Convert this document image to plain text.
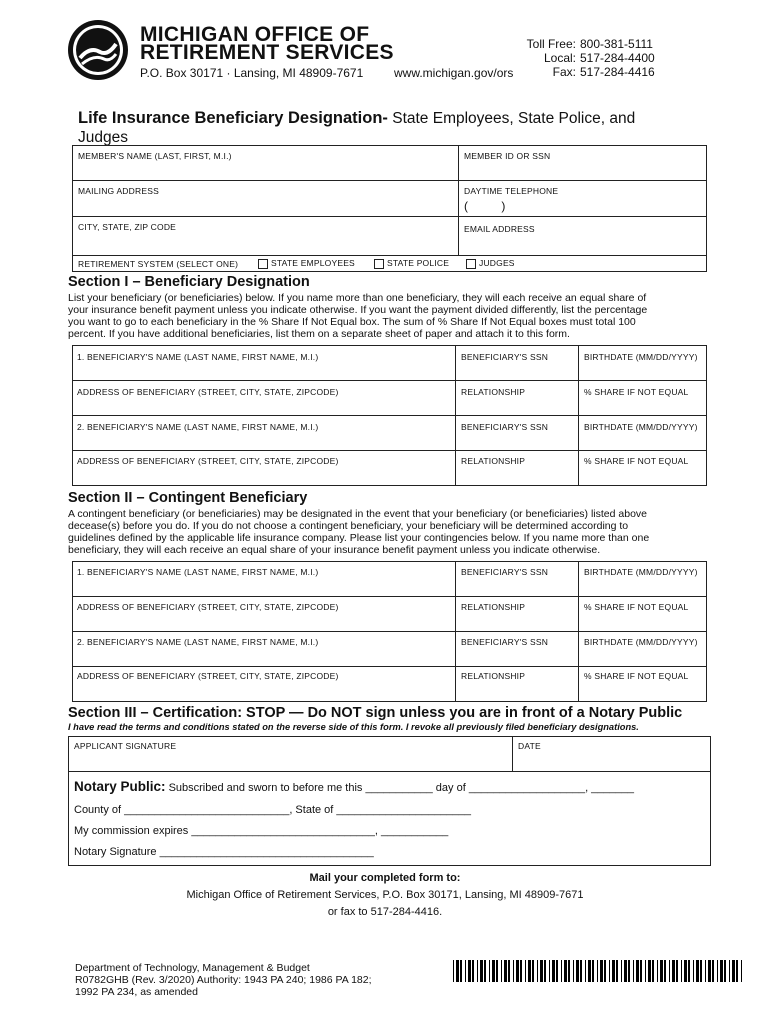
MICHIGAN OFFICE OF
RETIREMENT SERVICES
P.O. Box 30171 · Lansing, MI 48909-7671	www.michigan.gov/ors
Toll Free: 800-381-5111
Local: 517-284-4400
Fax: 517-284-4416
Life Insurance Beneficiary Designation- State Employees, State Police, and
Judges
MEMBER'S NAME (LAST, FIRST, M.I.)	MEMBER ID OR SSN
MAILING ADDRESS	DAYTIME TELEPHONE
(          )
CITY, STATE, ZIP CODE	EMAIL ADDRESS
RETIREMENT SYSTEM (SELECT ONE)	STATE EMPLOYEES	STATE POLICE	JUDGES
Section I – Beneficiary Designation
List your beneficiary (or beneficiaries) below. If you name more than one beneficiary, they will each receive an equal share of
your insurance benefit payment unless you indicate otherwise. If you want the payment divided differently, list the percentage
you want to go to each beneficiary in the % Share If Not Equal box. The sum of % Share If Not Equal boxes must total 100
percent. If you have additional beneficiaries, list them on a separate sheet of paper and attach it to this form.
1. BENEFICIARY'S NAME (LAST NAME, FIRST NAME, M.I.)	BENEFICIARY'S SSN	BIRTHDATE (MM/DD/YYYY)
ADDRESS OF BENEFICIARY (STREET, CITY, STATE, ZIPCODE)	RELATIONSHIP	% SHARE IF NOT EQUAL
2. BENEFICIARY'S NAME (LAST NAME, FIRST NAME, M.I.)	BENEFICIARY'S SSN	BIRTHDATE (MM/DD/YYYY)
ADDRESS OF BENEFICIARY (STREET, CITY, STATE, ZIPCODE)	RELATIONSHIP	% SHARE IF NOT EQUAL
Section II – Contingent Beneficiary
A contingent beneficiary (or beneficiaries) may be designated in the event that your beneficiary (or beneficiaries) listed above
decease(s) before you do. If you do not choose a contingent beneficiary, your beneficiary will be determined according to
guidelines defined by the applicable life insurance company. Please list your contingencies below. If you name more than one
beneficiary, they will each receive an equal share of your insurance benefit payment unless you indicate otherwise.
1. BENEFICIARY'S NAME (LAST NAME, FIRST NAME, M.I.)	BENEFICIARY'S SSN	BIRTHDATE (MM/DD/YYYY)
ADDRESS OF BENEFICIARY (STREET, CITY, STATE, ZIPCODE)	RELATIONSHIP	% SHARE IF NOT EQUAL
2. BENEFICIARY'S NAME (LAST NAME, FIRST NAME, M.I.)	BENEFICIARY'S SSN	BIRTHDATE (MM/DD/YYYY)
ADDRESS OF BENEFICIARY (STREET, CITY, STATE, ZIPCODE)	RELATIONSHIP	% SHARE IF NOT EQUAL
Section III – Certification: STOP — Do NOT sign unless you are in front of a Notary Public
I have read the terms and conditions stated on the reverse side of this form. I revoke all previously filed beneficiary designations.
APPLICANT SIGNATURE	DATE
Notary Public: Subscribed and sworn to before me this ___________ day of ___________________, _______
County of ___________________________, State of ______________________
My commission expires ______________________________, ___________
Notary Signature ___________________________________
Mail your completed form to:
Michigan Office of Retirement Services, P.O. Box 30171, Lansing, MI 48909-7671
or fax to 517-284-4416.
Department of Technology, Management & Budget
R0782GHB (Rev. 3/2020) Authority: 1943 PA 240; 1986 PA 182;
1992 PA 234, as amended
